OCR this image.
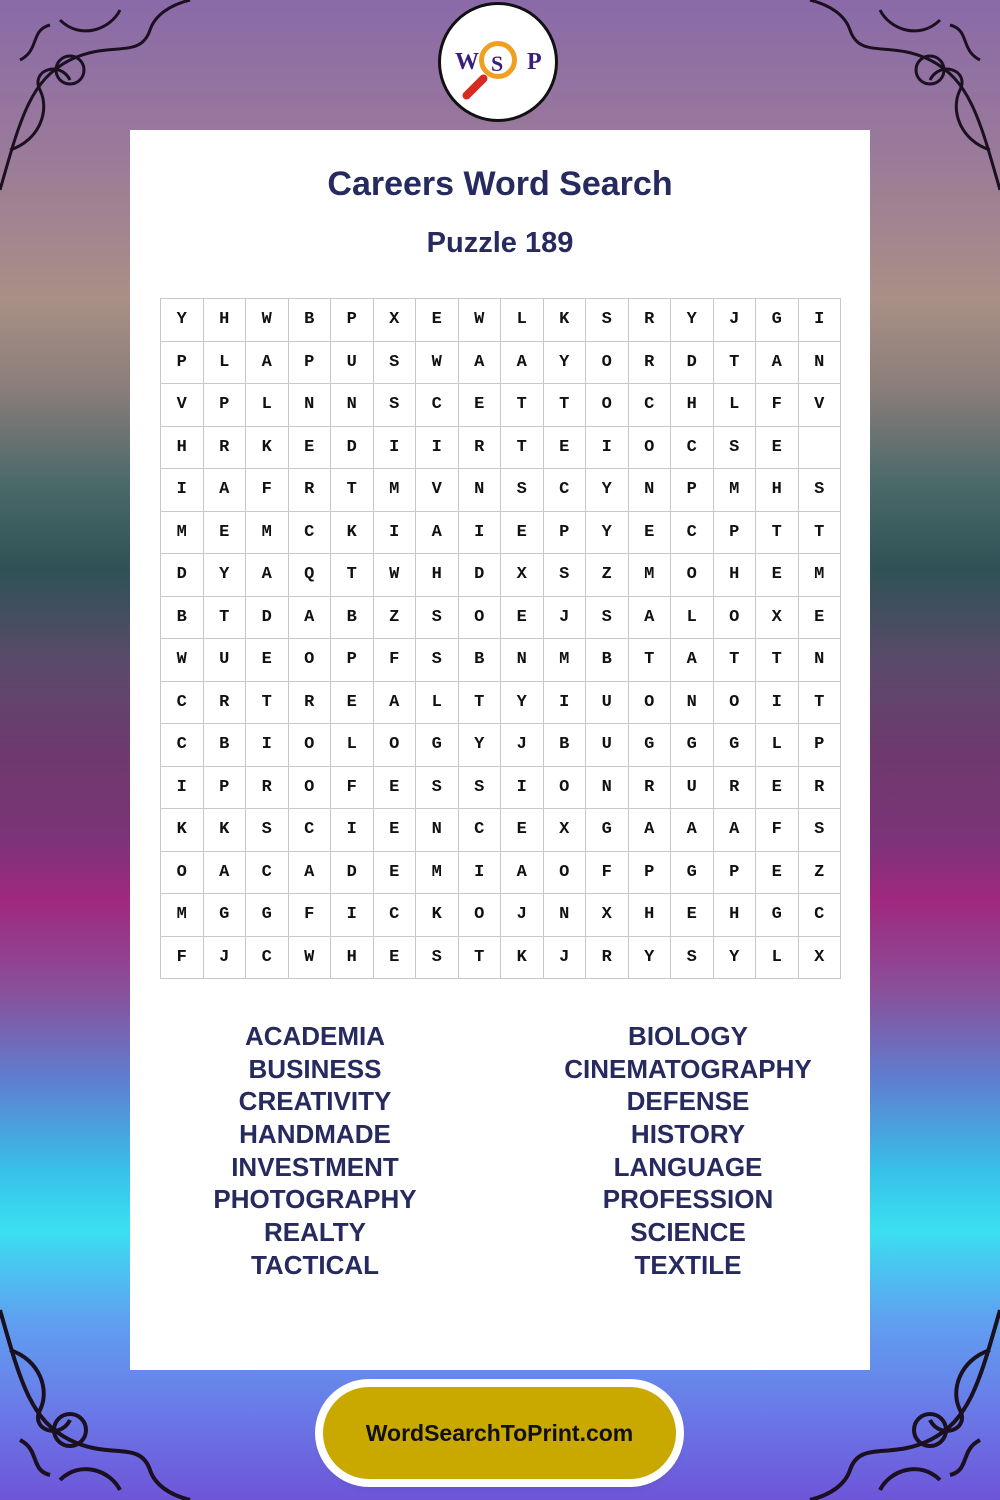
W S P
Careers Word Search
Puzzle 189
Y	H	W	B	P	X	E	W	L	K	S	R	Y	J	G	I
P	L	A	P	U	S	W	A	A	Y	O	R	D	T	A	N
V	P	L	N	N	S	C	E	T	T	O	C	H	L	F	V
H	R	K	E	D	I	I	R	T	E	I	O	C	S	E
I	A	F	R	T	M	V	N	S	C	Y	N	P	M	H	S
M	E	M	C	K	I	A	I	E	P	Y	E	C	P	T	T
D	Y	A	Q	T	W	H	D	X	S	Z	M	O	H	E	M
B	T	D	A	B	Z	S	O	E	J	S	A	L	O	X	E
W	U	E	O	P	F	S	B	N	M	B	T	A	T	T	N
C	R	T	R	E	A	L	T	Y	I	U	O	N	O	I	T
C	B	I	O	L	O	G	Y	J	B	U	G	G	G	L	P
I	P	R	O	F	E	S	S	I	O	N	R	U	R	E	R
K	K	S	C	I	E	N	C	E	X	G	A	A	A	F	S
O	A	C	A	D	E	M	I	A	O	F	P	G	P	E	Z
M	G	G	F	I	C	K	O	J	N	X	H	E	H	G	C
F	J	C	W	H	E	S	T	K	J	R	Y	S	Y	L	X
ACADEMIA
BUSINESS
CREATIVITY
HANDMADE
INVESTMENT
PHOTOGRAPHY
REALTY
TACTICAL
BIOLOGY
CINEMATOGRAPHY
DEFENSE
HISTORY
LANGUAGE
PROFESSION
SCIENCE
TEXTILE
WordSearchToPrint.com
